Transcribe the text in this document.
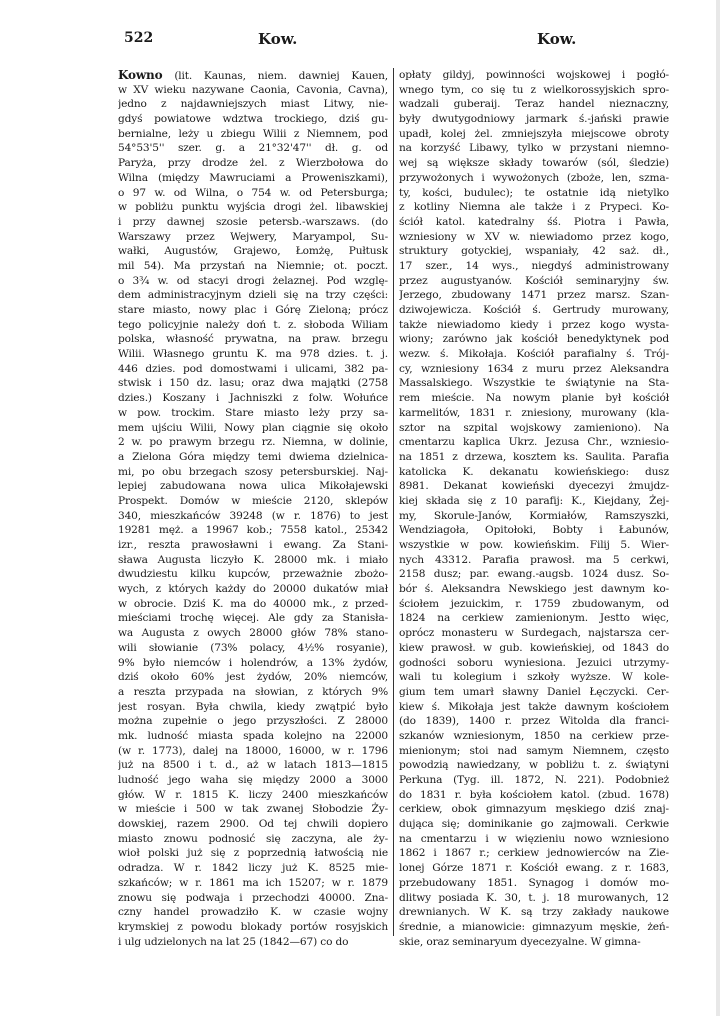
522	Kow.	Kow.
Kowno (lit. Kaunas, niem. dawniej Kauen,
w XV wieku nazywane Caonia, Cavonia, Cavna),
jedno z najdawniejszych miast Litwy, nie-
gdyś powiatowe wdztwa trockiego, dziś gu-
bernialne, leży u zbiegu Wilii z Niemnem, pod
54°53'5'' szer. g. a 21°32'47'' dł. g. od
Paryża, przy drodze żel. z Wierzbołowa do
Wilna (między Mawruciami a Proweniszkami),
o 97 w. od Wilna, o 754 w. od Petersburga;
w pobliżu punktu wyjścia drogi żel. libawskiej
i przy dawnej szosie petersb.-warszaws. (do
Warszawy przez Wejwery, Maryampol, Su-
wałki, Augustów, Grajewo, Łomżę, Pułtusk
mil 54). Ma przystań na Niemnie; ot. poczt.
o 3¾ w. od stacyi drogi żelaznej. Pod wzglę-
dem administracyjnym dzieli się na trzy części:
stare miasto, nowy plac i Górę Zieloną; prócz
tego policyjnie należy doń t. z. słoboda Wiliam
polska, własność prywatna, na praw. brzegu
Wilii. Własnego gruntu K. ma 978 dzies. t. j.
446 dzies. pod domostwami i ulicami, 382 pa-
stwisk i 150 dz. lasu; oraz dwa majątki (2758
dzies.) Koszany i Jachniszki z folw. Wołuńce
w pow. trockim. Stare miasto leży przy sa-
mem ujściu Wilii, Nowy plan ciągnie się około
2 w. po prawym brzegu rz. Niemna, w dolinie,
a Zielona Góra między temi dwiema dzielnica-
mi, po obu brzegach szosy petersburskiej. Naj-
lepiej zabudowana nowa ulica Mikołajewski
Prospekt. Domów w mieście 2120, sklepów
340, mieszkańców 39248 (w r. 1876) to jest
19281 męż. a 19967 kob.; 7558 katol., 25342
izr., reszta prawosławni i ewang. Za Stani-
sława Augusta liczyło K. 28000 mk. i miało
dwudziestu kilku kupców, przeważnie zbożo-
wych, z których każdy do 20000 dukatów miał
w obrocie. Dziś K. ma do 40000 mk., z przed-
mieściami trochę więcej. Ale gdy za Stanisła-
wa Augusta z owych 28000 głów 78% stano-
wili słowianie (73% polacy, 4½% rosyanie),
9% było niemców i holendrów, a 13% żydów,
dziś około 60% jest żydów, 20% niemców,
a reszta przypada na słowian, z których 9%
jest rosyan. Była chwila, kiedy zwątpić było
można zupełnie o jego przyszłości. Z 28000
mk. ludność miasta spada kolejno na 22000
(w r. 1773), dalej na 18000, 16000, w r. 1796
już na 8500 i t. d., aż w latach 1813—1815
ludność jego waha się między 2000 a 3000
głów. W r. 1815 K. liczy 2400 mieszkańców
w mieście i 500 w tak zwanej Słobodzie Ży-
dowskiej, razem 2900. Od tej chwili dopiero
miasto znowu podnosić się zaczyna, ale ży-
wioł polski już się z poprzednią łatwością nie
odradza. W r. 1842 liczy już K. 8525 mie-
szkańców; w r. 1861 ma ich 15207; w r. 1879
znowu się podwaja i przechodzi 40000. Zna-
czny handel prowadziło K. w czasie wojny
krymskiej z powodu blokady portów rosyjskich
i ulg udzielonych na lat 25 (1842—67) co do
opłaty gildyj, powinności wojskowej i pogłó-
wnego tym, co się tu z wielkorossyjskich spro-
wadzali guberaij. Teraz handel nieznaczny,
były dwutygodniowy jarmark ś.-jański prawie
upadł, kolej żel. zmniejszyła miejscowe obroty
na korzyść Libawy, tylko w przystani niemno-
wej są większe składy towarów (sól, śledzie)
przywożonych i wywożonych (zboże, len, szma-
ty, kości, budulec); te ostatnie idą nietylko
z kotliny Niemna ale także i z Prypeci. Ko-
ściół katol. katedralny śś. Piotra i Pawła,
wzniesiony w XV w. niewiadomo przez kogo,
struktury gotyckiej, wspaniały, 42 saż. dł.,
17 szer., 14 wys., niegdyś administrowany
przez augustyanów. Kościół seminaryjny św.
Jerzego, zbudowany 1471 przez marsz. Szan-
dziwojewicza. Kościół ś. Gertrudy murowany,
także niewiadomo kiedy i przez kogo wysta-
wiony; zarówno jak kościół benedyktynek pod
wezw. ś. Mikołaja. Kościół parafialny ś. Trój-
cy, wzniesiony 1634 z muru przez Aleksandra
Massalskiego. Wszystkie te świątynie na Sta-
rem mieście. Na nowym planie był kościół
karmelitów, 1831 r. zniesiony, murowany (kla-
sztor na szpital wojskowy zamieniono). Na
cmentarzu kaplica Ukrz. Jezusa Chr., wzniesio-
na 1851 z drzewa, kosztem ks. Saulita. Parafia
katolicka K. dekanatu kowieńskiego: dusz
8981. Dekanat kowieński dyecezyi żmujdz-
kiej składa się z 10 parafij: K., Kiejdany, Żej-
my, Skorule-Janów, Kormiałów, Ramszyszki,
Wendziagoła, Opitołoki, Bobty i Łabunów,
wszystkie w pow. kowieńskim. Filij 5. Wier-
nych 43312. Parafia prawosł. ma 5 cerkwi,
2158 dusz; par. ewang.-augsb. 1024 dusz. So-
bór ś. Aleksandra Newskiego jest dawnym ko-
ściołem jezuickim, r. 1759 zbudowanym, od
1824 na cerkiew zamienionym. Jestto więc,
oprócz monasteru w Surdegach, najstarsza cer-
kiew prawosł. w gub. kowieńskiej, od 1843 do
godności soboru wyniesiona. Jezuici utrzymy-
wali tu kolegium i szkoły wyższe. W kole-
gium tem umarł sławny Daniel Łęczycki. Cer-
kiew ś. Mikołaja jest także dawnym kościołem
(do 1839), 1400 r. przez Witolda dla franci-
szkanów wzniesionym, 1850 na cerkiew prze-
mienionym; stoi nad samym Niemnem, często
powodzią nawiedzany, w pobliżu t. z. świątyni
Perkuna (Tyg. ill. 1872, N. 221). Podobnież
do 1831 r. była kościołem katol. (zbud. 1678)
cerkiew, obok gimnazyum męskiego dziś znaj-
dująca się; dominikanie go zajmowali. Cerkwie
na cmentarzu i w więzieniu nowo wzniesiono
1862 i 1867 r.; cerkiew jednowierców na Zie-
lonej Górze 1871 r. Kościół ewang. z r. 1683,
przebudowany 1851. Synagog i domów mo-
dlitwy posiada K. 30, t. j. 18 murowanych, 12
drewnianych. W K. są trzy zakłady naukowe
średnie, a mianowicie: gimnazyum męskie, żeń-
skie, oraz seminaryum dyecezyalne. W gimna-
